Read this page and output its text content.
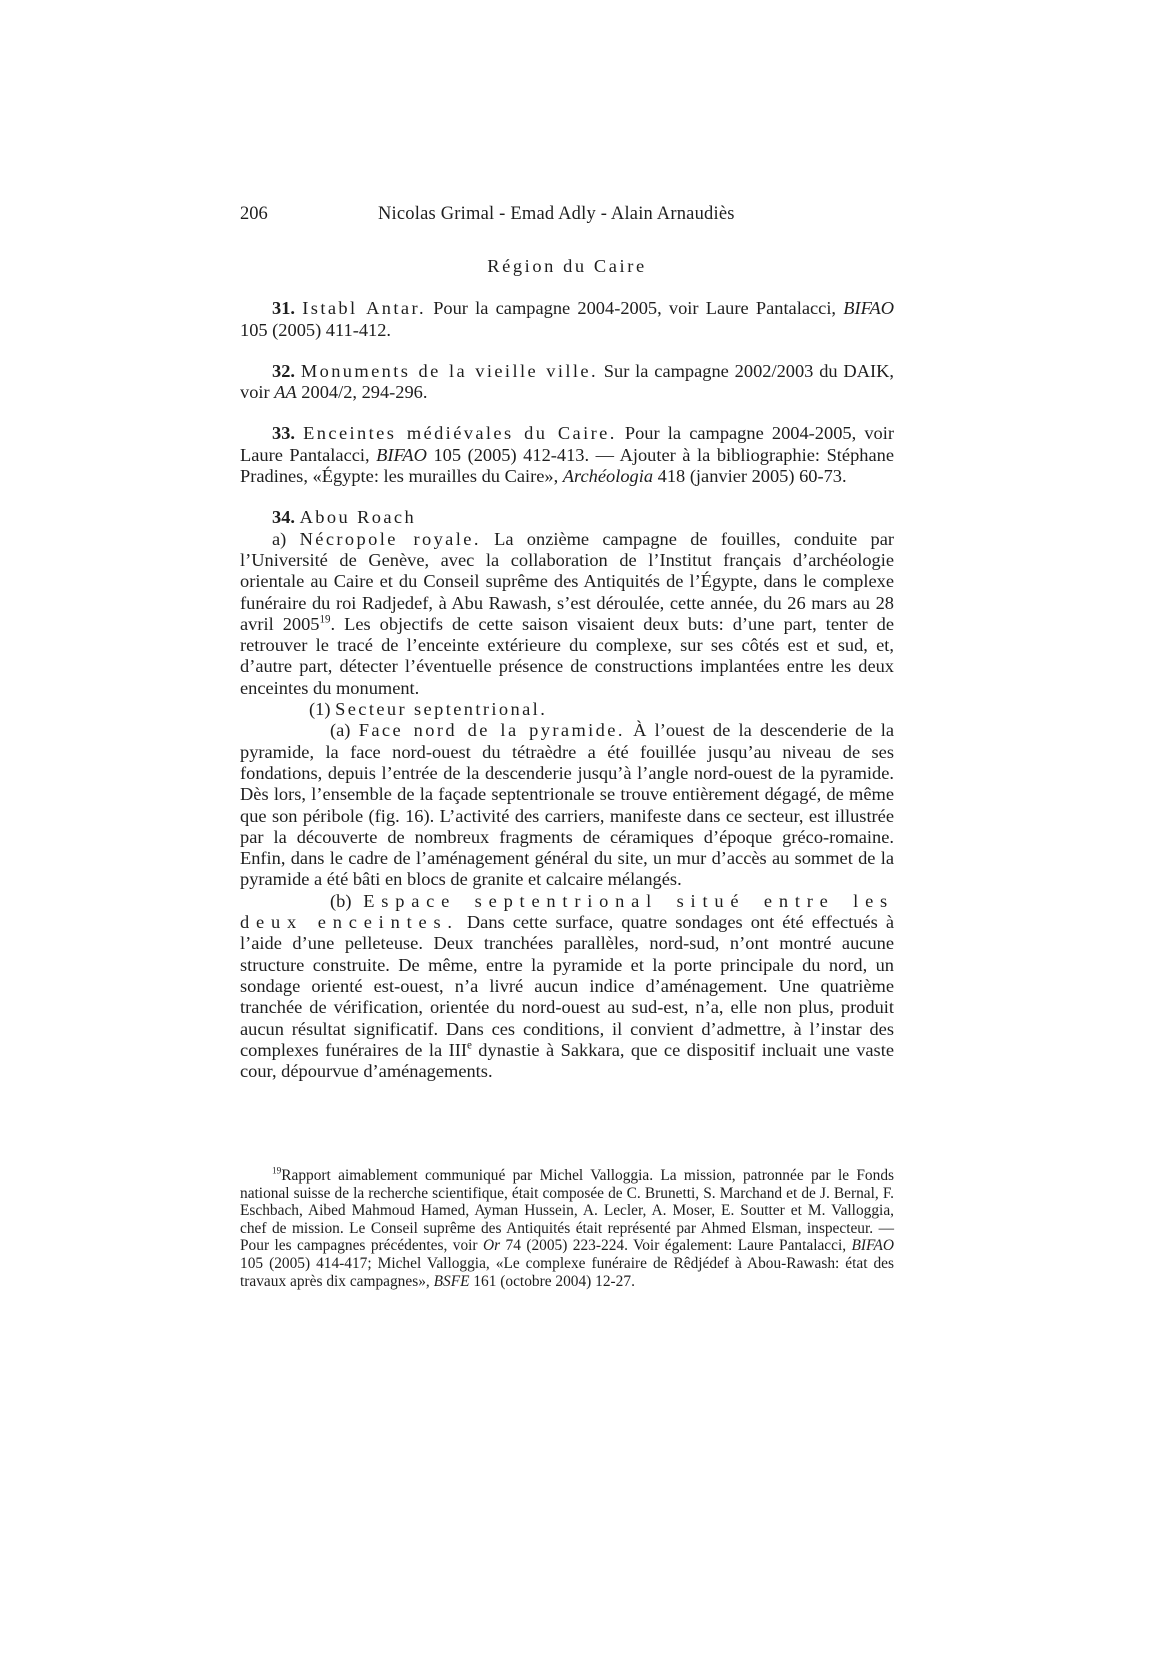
206	Nicolas Grimal - Emad Adly - Alain Arnaudiès

Région du Caire

31. Istabl Antar. Pour la campagne 2004-2005, voir Laure Pantalacci, BIFAO 105 (2005) 411-412.

32. Monuments de la vieille ville. Sur la campagne 2002/2003 du DAIK, voir AA 2004/2, 294-296.

33. Enceintes médiévales du Caire. Pour la campagne 2004-2005, voir Laure Pantalacci, BIFAO 105 (2005) 412-413. — Ajouter à la bibliographie: Stéphane Pradines, «Égypte: les murailles du Caire», Archéologia 418 (janvier 2005) 60-73.

34. Abou Roach

a) Nécropole royale. La onzième campagne de fouilles, conduite par l’Université de Genève, avec la collaboration de l’Institut français d’archéologie orientale au Caire et du Conseil suprême des Antiquités de l’Égypte, dans le complexe funéraire du roi Radjedef, à Abu Rawash, s’est déroulée, cette année, du 26 mars au 28 avril 2005$^{19}$. Les objectifs de cette saison visaient deux buts: d’une part, tenter de retrouver le tracé de l’enceinte extérieure du complexe, sur ses côtés est et sud, et, d’autre part, détecter l’éventuelle présence de constructions implantées entre les deux enceintes du monument.

(1) Secteur septentrional.

(a) Face nord de la pyramide. À l’ouest de la descenderie de la pyramide, la face nord-ouest du tétraèdre a été fouillée jusqu’au niveau de ses fondations, depuis l’entrée de la descenderie jusqu’à l’angle nord-ouest de la pyramide. Dès lors, l’ensemble de la façade septentrionale se trouve entièrement dégagé, de même que son péribole (fig. 16). L’activité des carriers, manifeste dans ce secteur, est illustrée par la découverte de nombreux fragments de céramiques d’époque gréco-romaine. Enfin, dans le cadre de l’aménagement général du site, un mur d’accès au sommet de la pyramide a été bâti en blocs de granite et calcaire mélangés.

(b) Espace septentrional situé entre les deux enceintes. Dans cette surface, quatre sondages ont été effectués à l’aide d’une pelleteuse. Deux tranchées parallèles, nord-sud, n’ont montré aucune structure construite. De même, entre la pyramide et la porte principale du nord, un sondage orienté est-ouest, n’a livré aucun indice d’aménagement. Une quatrième tranchée de vérification, orientée du nord-ouest au sud-est, n’a, elle non plus, produit aucun résultat significatif. Dans ces conditions, il convient d’admettre, à l’instar des complexes funéraires de la IIIe dynastie à Sakkara, que ce dispositif incluait une vaste cour, dépourvue d’aménagements.

$^{19}$Rapport aimablement communiqué par Michel Valloggia. La mission, patronnée par le Fonds national suisse de la recherche scientifique, était composée de C. Brunetti, S. Marchand et de J. Bernal, F. Eschbach, Aibed Mahmoud Hamed, Ayman Hussein, A. Lecler, A. Moser, E. Soutter et M. Valloggia, chef de mission. Le Conseil suprême des Antiquités était représenté par Ahmed Elsman, inspecteur. — Pour les campagnes précédentes, voir Or 74 (2005) 223-224. Voir également: Laure Pantalacci, BIFAO 105 (2005) 414-417; Michel Valloggia, «Le complexe funéraire de Rêdjédef à Abou-Rawash: état des travaux après dix campagnes», BSFE 161 (octobre 2004) 12-27.
